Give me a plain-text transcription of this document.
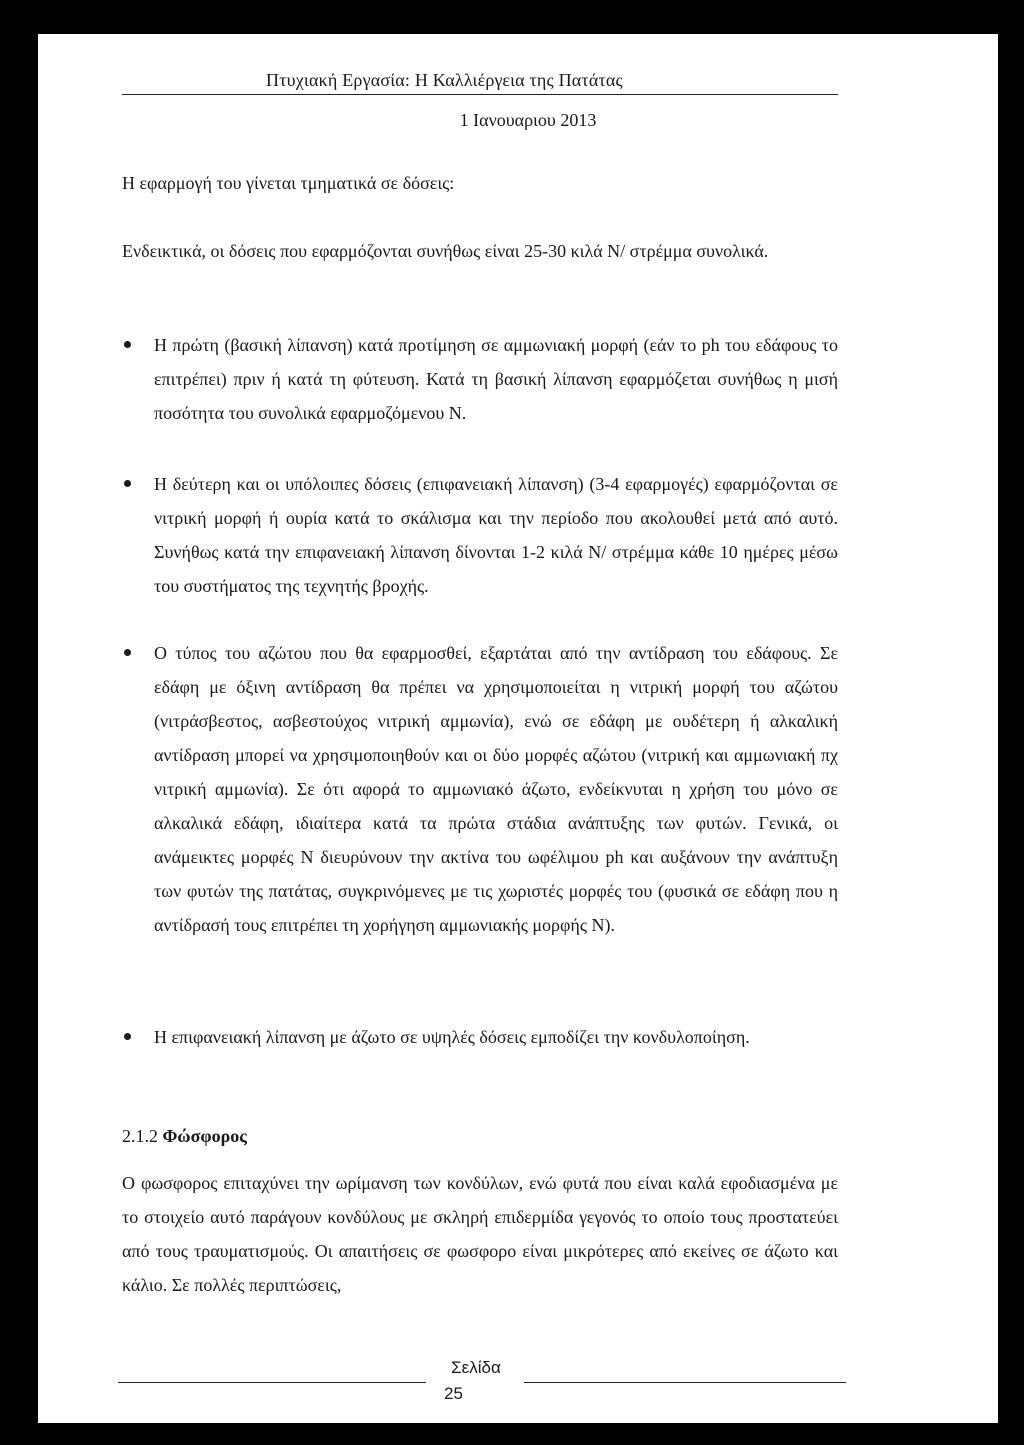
Πτυχιακή Εργασία: Η Καλλιέργεια της Πατάτας
1 Ιανουαριου 2013
Η εφαρμογή του γίνεται τμηματικά σε δόσεις:
Ενδεικτικά, οι δόσεις που εφαρμόζονται συνήθως είναι 25-30 κιλά Ν/ στρέμμα συνολικά.
Η πρώτη (βασική λίπανση) κατά προτίμηση σε αμμωνιακή μορφή (εάν το ph του εδάφους το επιτρέπει) πριν ή κατά τη φύτευση. Κατά τη βασική λίπανση εφαρμόζεται συνήθως η μισή ποσότητα του συνολικά εφαρμοζόμενου Ν.
Η δεύτερη και οι υπόλοιπες δόσεις (επιφανειακή λίπανση) (3-4 εφαρμογές) εφαρμόζονται σε νιτρική μορφή ή ουρία κατά το σκάλισμα και την περίοδο που ακολουθεί μετά από αυτό. Συνήθως κατά την επιφανειακή λίπανση δίνονται 1-2 κιλά Ν/ στρέμμα κάθε 10 ημέρες μέσω του συστήματος της τεχνητής βροχής.
Ο τύπος του αζώτου που θα εφαρμοσθεί, εξαρτάται από την αντίδραση του εδάφους. Σε εδάφη με όξινη αντίδραση θα πρέπει να χρησιμοποιείται η νιτρική μορφή του αζώτου (νιτράσβεστος, ασβεστούχος νιτρική αμμωνία), ενώ σε εδάφη με ουδέτερη ή αλκαλική αντίδραση μπορεί να χρησιμοποιηθούν και οι δύο μορφές αζώτου (νιτρική και αμμωνιακή πχ νιτρική αμμωνία). Σε ότι αφορά το αμμωνιακό άζωτο, ενδείκνυται η χρήση του μόνο σε αλκαλικά εδάφη, ιδιαίτερα κατά τα πρώτα στάδια ανάπτυξης των φυτών. Γενικά, οι ανάμεικτες μορφές Ν διευρύνουν την ακτίνα του ωφέλιμου ph και αυξάνουν την ανάπτυξη των φυτών της πατάτας, συγκρινόμενες με τις χωριστές μορφές του (φυσικά σε εδάφη που η αντίδρασή τους επιτρέπει τη χορήγηση αμμωνιακής μορφής Ν).
Η επιφανειακή λίπανση με άζωτο σε υψηλές δόσεις εμποδίζει την κονδυλοποίηση.
2.1.2 Φώσφορος
Ο φωσφορος επιταχύνει την ωρίμανση των κονδύλων, ενώ φυτά που είναι καλά εφοδιασμένα με το στοιχείο αυτό παράγουν κονδύλους με σκληρή επιδερμίδα γεγονός το οποίο τους προστατεύει από τους τραυματισμούς. Οι απαιτήσεις σε φωσφορο είναι μικρότερες από εκείνες σε άζωτο και κάλιο. Σε πολλές περιπτώσεις,
Σελίδα
25
